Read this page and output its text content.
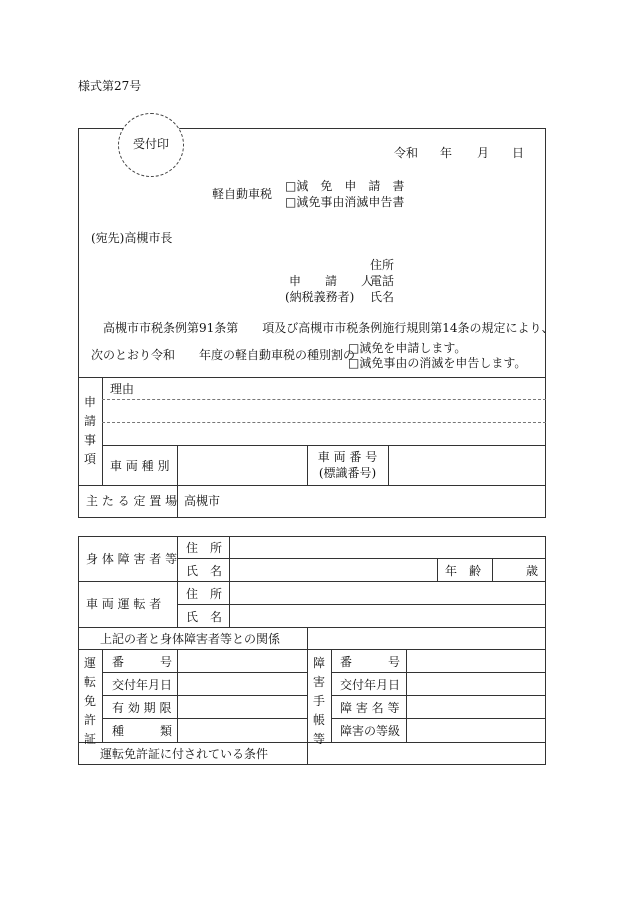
様式第27号
受付印
令和 年 月 日
軽自動車税
□減　免　申　請　書
□減免事由消滅申告書
(宛先)高槻市長
住所
申　　請　　人
電話
(納税義務者) 氏名
高槻市市税条例第91条第　　項及び高槻市市税条例施行規則第14条の規定により、
次のとおり令和　　年度の軽自動車税の種別割の
□減免を申請します。
□減免事由の消滅を申告します。
申請事項
理由
車 両 種 別
車 両 番 号
(標識番号)
主 た る 定 置 場 高槻市
身 体 障 害 者 等
住　所
氏　名	年　齢	歳
車 両 運 転 者
住　所
氏　名
上記の者と身体障害者等との関係
運転免許証
番　　　号
交付年月日
有 効 期 限
種　　　類
障害手帳等
番　　　号
交付年月日
障 害 名 等
障害の等級
運転免許証に付されている条件
